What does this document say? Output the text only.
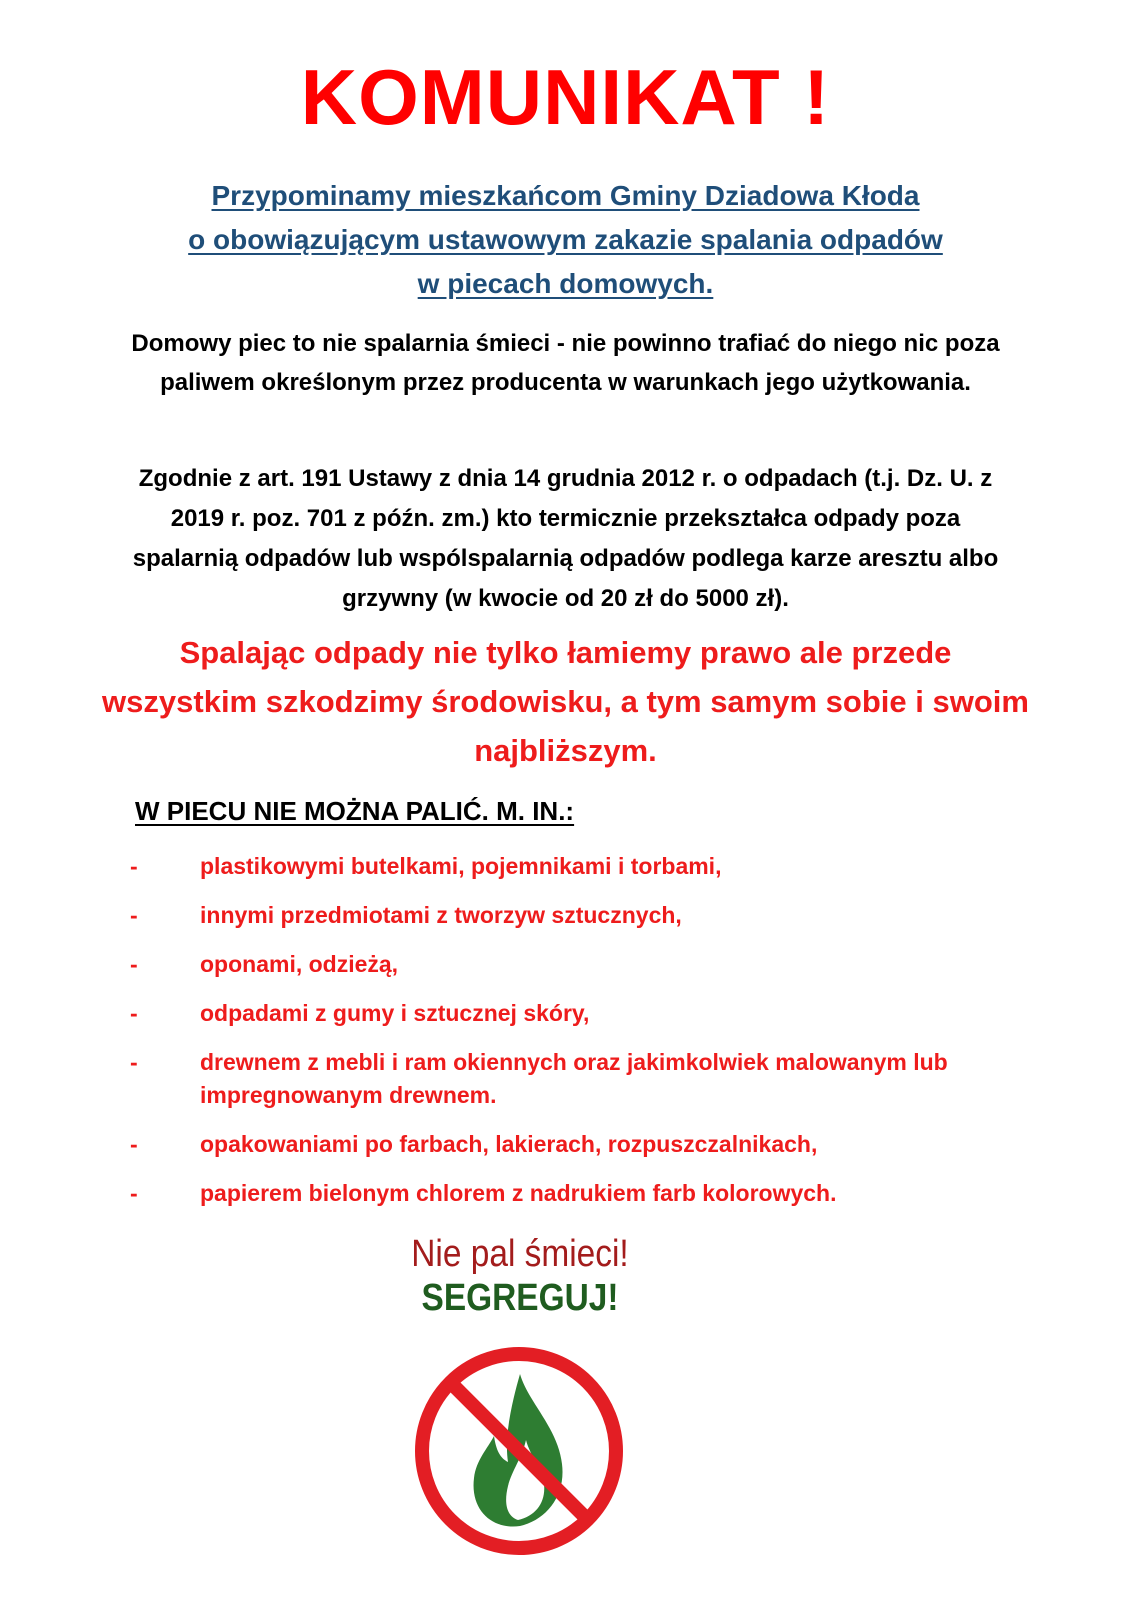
KOMUNIKAT !
Przypominamy mieszkańcom Gminy Dziadowa Kłoda
o obowiązującym ustawowym zakazie spalania odpadów
w piecach domowych.
Domowy piec to nie spalarnia śmieci - nie powinno trafiać do niego nic poza paliwem określonym przez producenta w warunkach jego użytkowania.
Zgodnie z art. 191 Ustawy z dnia 14 grudnia 2012 r. o odpadach (t.j. Dz. U. z 2019 r. poz. 701 z późn. zm.) kto termicznie przekształca odpady poza spalarnią odpadów lub wspólspalarnią odpadów podlega karze aresztu albo grzywny (w kwocie od 20 zł do 5000 zł).
Spalając odpady nie tylko łamiemy prawo ale przede wszystkim szkodzimy środowisku, a tym samym sobie i swoim najbliższym.
W PIECU NIE MOŻNA PALIĆ. M. IN.:
-	plastikowymi butelkami, pojemnikami i torbami,
-	innymi przedmiotami z tworzyw sztucznych,
-	oponami, odzieżą,
-	odpadami z gumy i sztucznej skóry,
-	drewnem z mebli i ram okiennych oraz jakimkolwiek malowanym lub impregnowanym drewnem.
-	opakowaniami po farbach, lakierach, rozpuszczalnikach,
-	papierem bielonym chlorem z nadrukiem farb kolorowych.
Nie pal śmieci!
SEGREGUJ!
